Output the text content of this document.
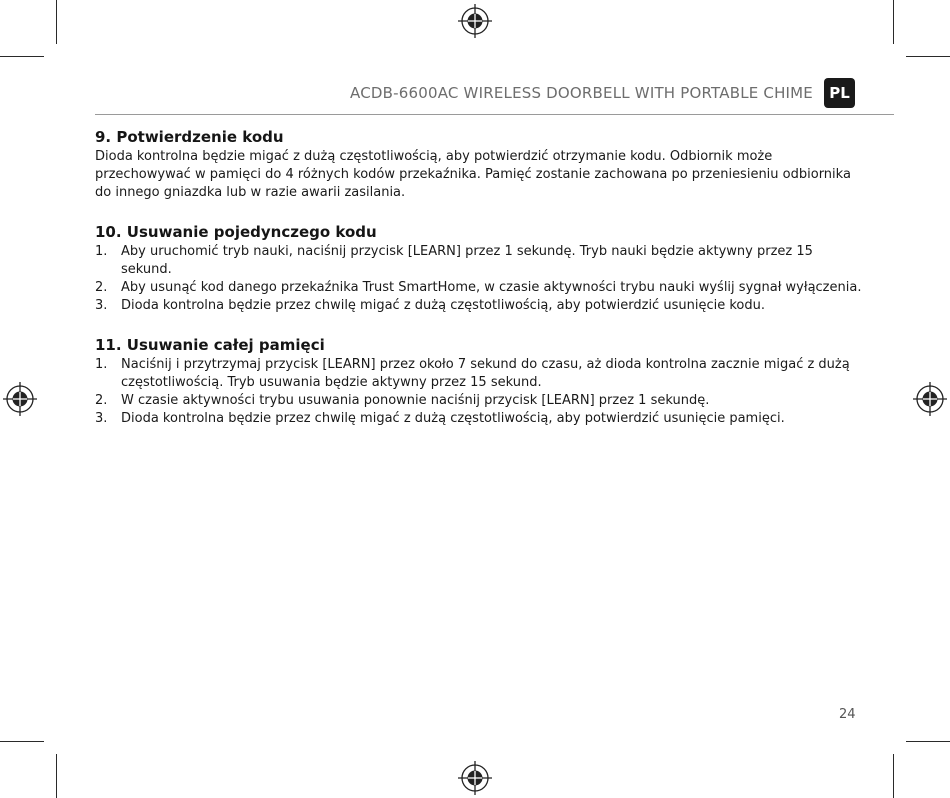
ACDB-6600AC WIRELESS DOORBELL WITH PORTABLE CHIME	PL
9. Potwierdzenie kodu

Dioda kontrolna będzie migać z dużą częstotliwością, aby potwierdzić otrzymanie kodu. Odbiornik może przechowywać w pamięci do 4 różnych kodów przekaźnika. Pamięć zostanie zachowana po przeniesieniu odbiornika do innego gniazdka lub w razie awarii zasilania.

10. Usuwanie pojedynczego kodu
1. Aby uruchomić tryb nauki, naciśnij przycisk [LEARN] przez 1 sekundę. Tryb nauki będzie aktywny przez 15 sekund.
2. Aby usunąć kod danego przekaźnika Trust SmartHome, w czasie aktywności trybu nauki wyślij sygnał wyłączenia.
3. Dioda kontrolna będzie przez chwilę migać z dużą częstotliwością, aby potwierdzić usunięcie kodu.
11. Usuwanie całej pamięci
1. Naciśnij i przytrzymaj przycisk [LEARN] przez około 7 sekund do czasu, aż dioda kontrolna zacznie migać z dużą częstotliwością. Tryb usuwania będzie aktywny przez 15 sekund.
2. W czasie aktywności trybu usuwania ponownie naciśnij przycisk [LEARN] przez 1 sekundę.
3. Dioda kontrolna będzie przez chwilę migać z dużą częstotliwością, aby potwierdzić usunięcie pamięci.
24
